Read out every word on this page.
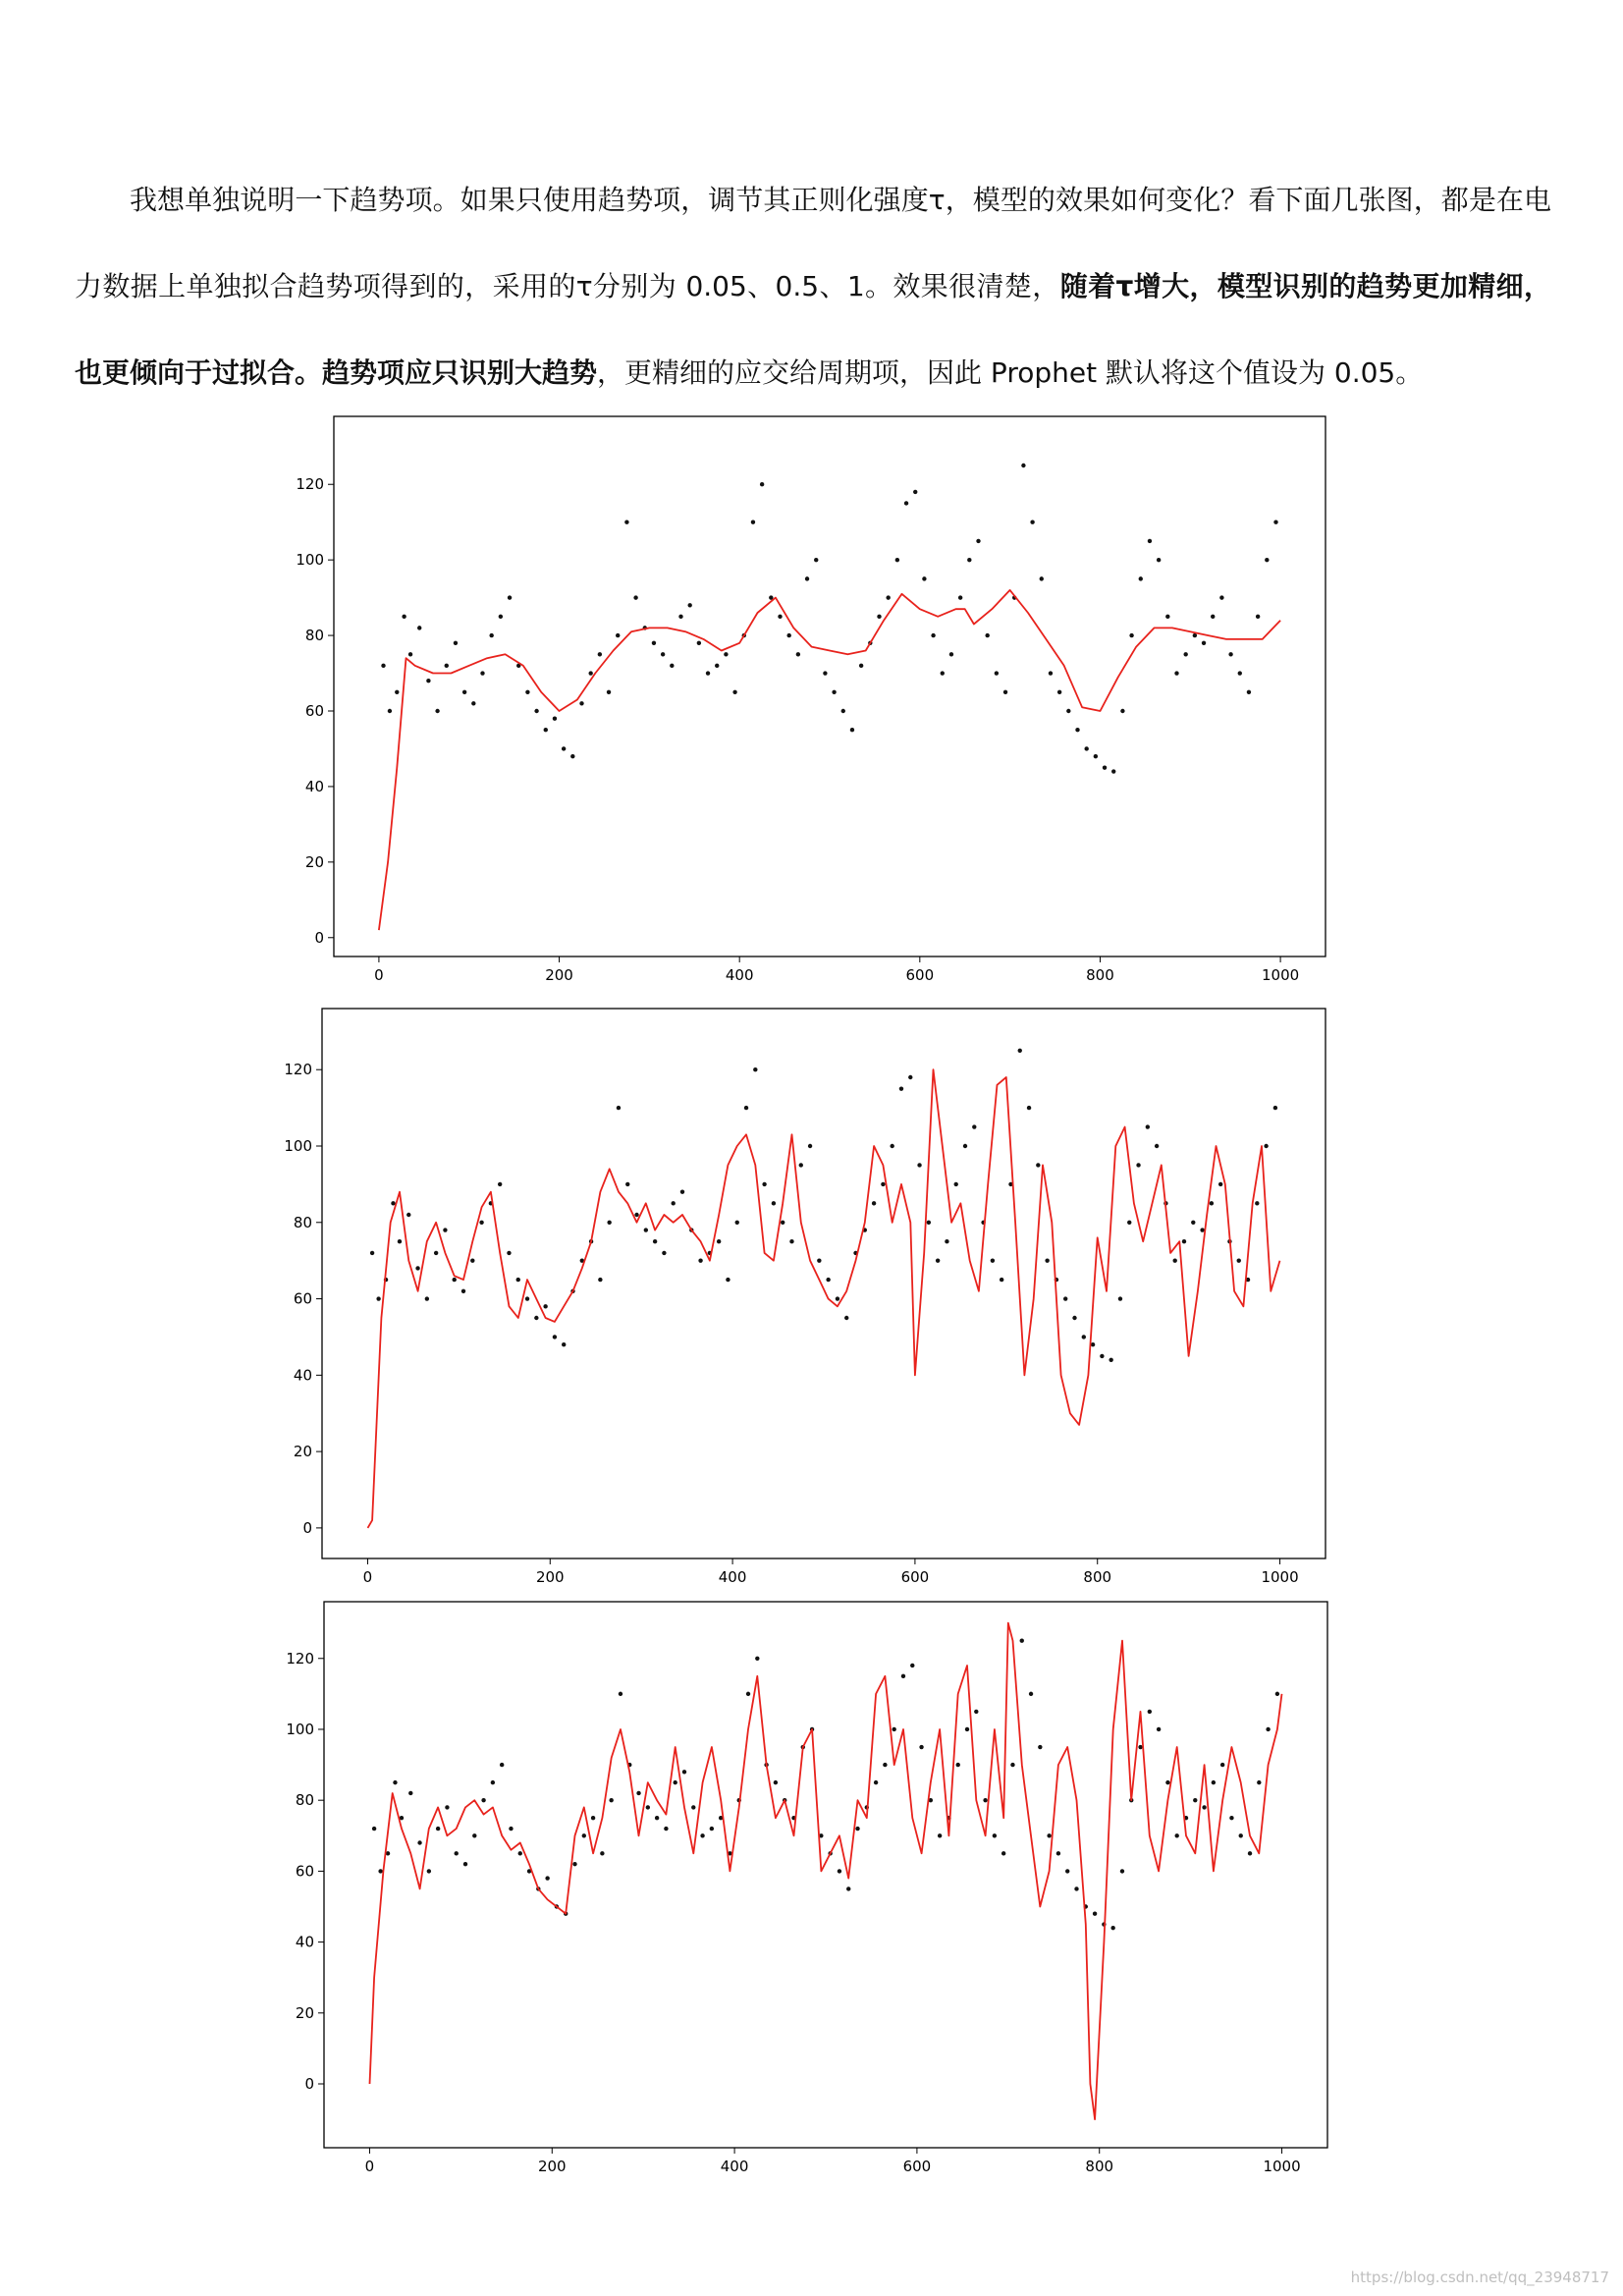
我想单独说明一下趋势项。如果只使用趋势项，调节其正则化强度τ，模型的效果如何变化？看下面几张图，都是在电力数据上单独拟合趋势项得到的，采用的τ分别为 0.05、0.5、1。效果很清楚，随着τ增大，模型识别的趋势更加精细，也更倾向于过拟合。趋势项应只识别大趋势，更精细的应交给周期项，因此 Prophet 默认将这个值设为 0.05。

0	200	400	600	800	1000
0
20
40
60
80
100
120
0	200	400	600	800	1000
0
20
40
60
80
100
120
0	200	400	600	800	1000
0
20
40
60
80
100
120
https://blog.csdn.net/qq_23948717
